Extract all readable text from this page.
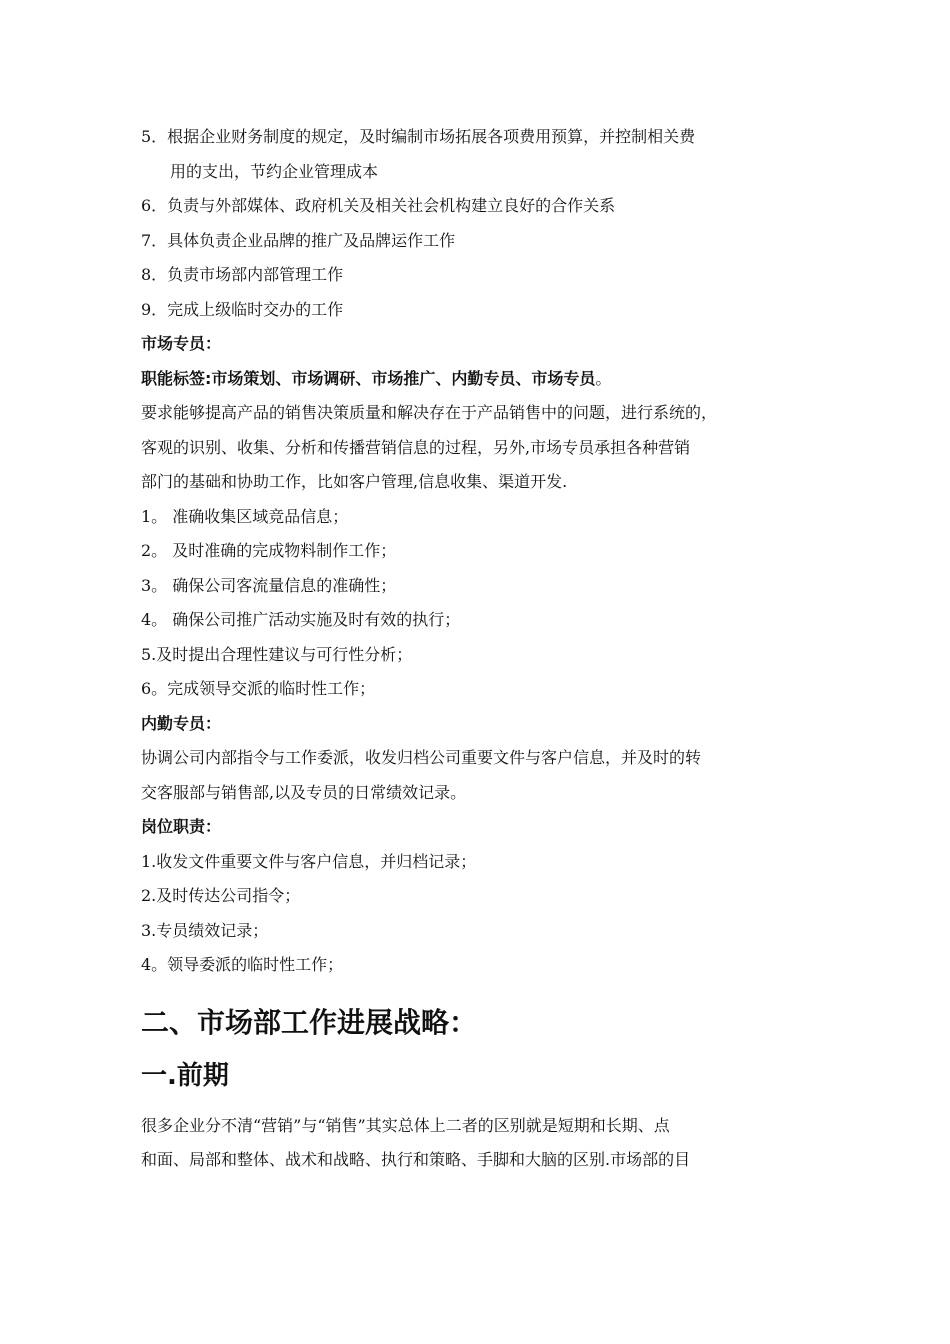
5．根据企业财务制度的规定，及时编制市场拓展各项费用预算，并控制相关费
用的支出，节约企业管理成本
6．负责与外部媒体、政府机关及相关社会机构建立良好的合作关系
7．具体负责企业品牌的推广及品牌运作工作
8．负责市场部内部管理工作
9．完成上级临时交办的工作
市场专员：
职能标签:市场策划、市场调研、市场推广、内勤专员、市场专员。
要求能够提高产品的销售决策质量和解决存在于产品销售中的问题，进行系统的，
客观的识别、收集、分析和传播营销信息的过程，另外,市场专员承担各种营销
部门的基础和协助工作，比如客户管理,信息收集、渠道开发.
1。 准确收集区域竞品信息；
2。 及时准确的完成物料制作工作；
3。 确保公司客流量信息的准确性；
4。 确保公司推广活动实施及时有效的执行；
5.及时提出合理性建议与可行性分析；
6。完成领导交派的临时性工作；
内勤专员：
协调公司内部指令与工作委派，收发归档公司重要文件与客户信息，并及时的转
交客服部与销售部,以及专员的日常绩效记录。
岗位职责：
1.收发文件重要文件与客户信息，并归档记录；
2.及时传达公司指令；
3.专员绩效记录；
4。领导委派的临时性工作；
二、市场部工作进展战略：
一.前期
很多企业分不清“营销”与“销售”其实总体上二者的区别就是短期和长期、点
和面、局部和整体、战术和战略、执行和策略、手脚和大脑的区别.市场部的目
